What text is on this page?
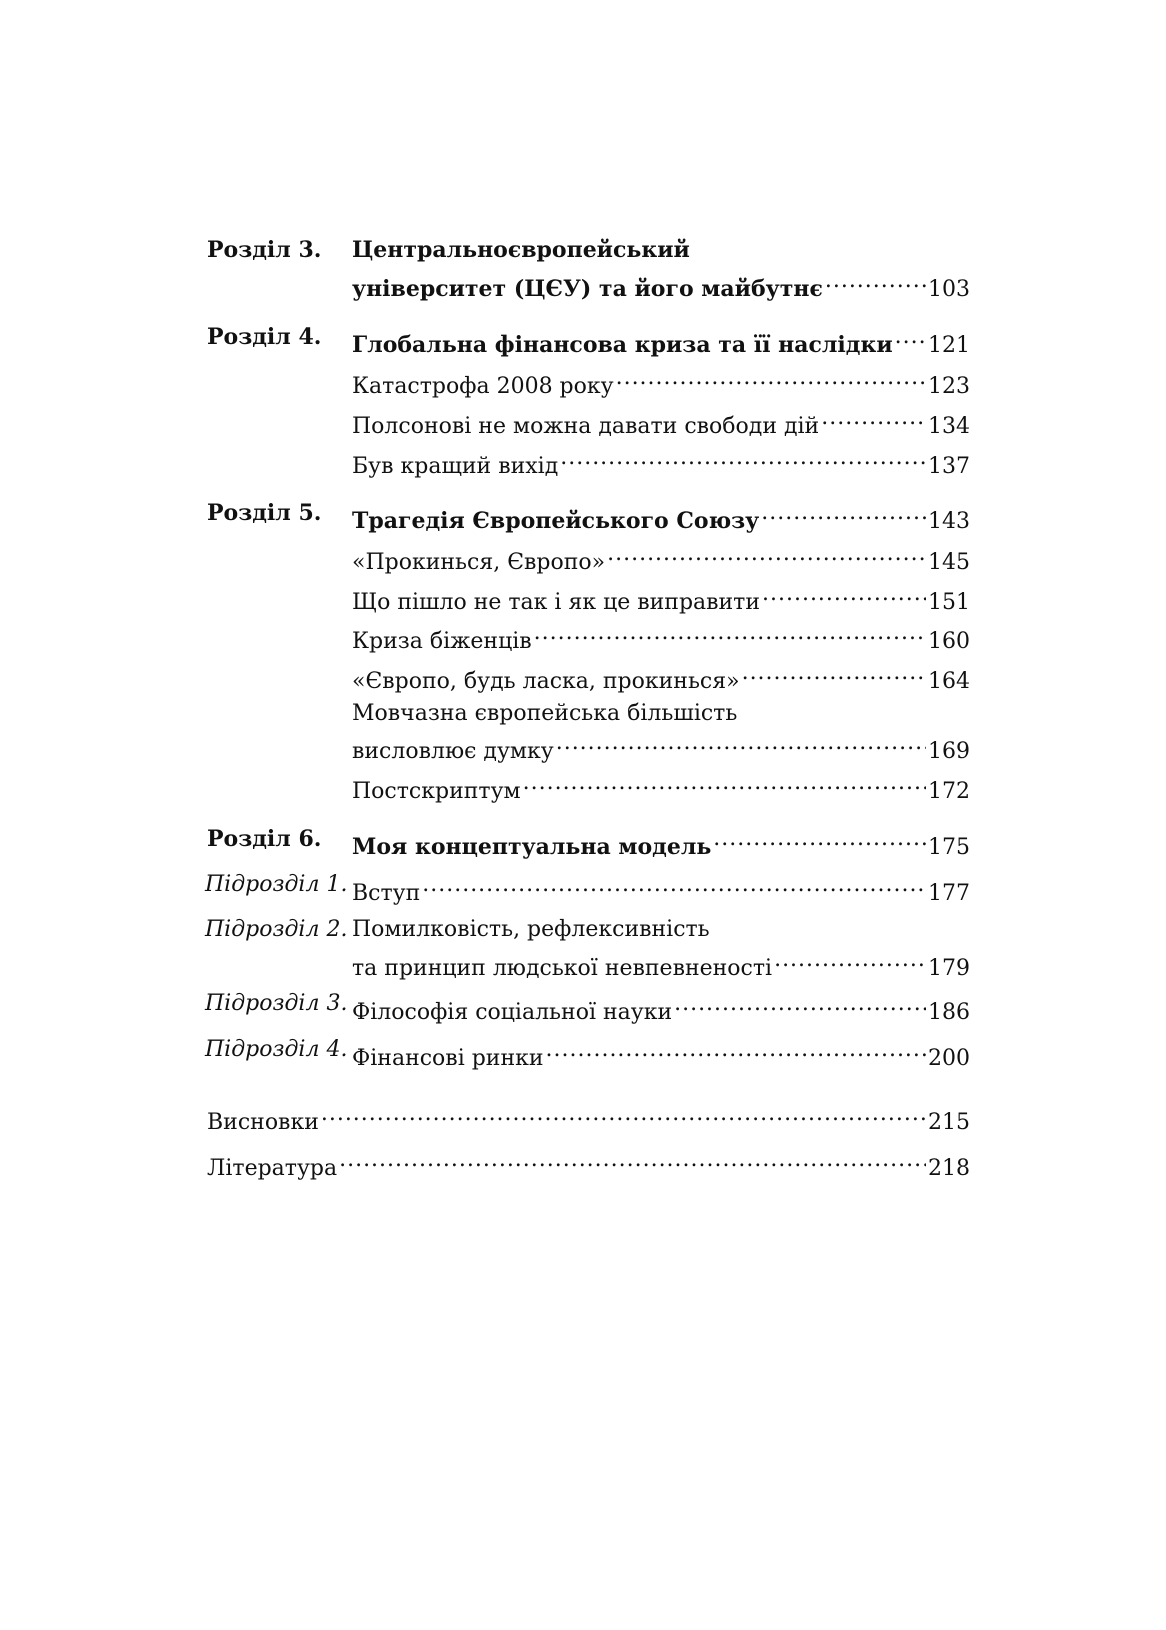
Розділ 3. Центральноєвропейський
університет (ЦЄУ) та його майбутнє . . .	103
Розділ 4. Глобальна фінансова криза та її наслідки . . . 121
Катастрофа 2008 року . . .	123
Полсонові не можна давати свободи дій . . .	134
Був кращий вихід . . .	137
Розділ 5. Трагедія Європейського Союзу . . .	143
«Прокинься, Європо» . . .	145
Що пішло не так і як це виправити . . .	151
Криза біженців . . .	160
«Європо, будь ласка, прокинься» . . .	164
Мовчазна європейська більшість
висловлює думку . . .	169
Постскриптум . . .	172
Розділ 6. Моя концептуальна модель . . .	175
Підрозділ 1. Вступ . . .	177
Підрозділ 2. Помилковість, рефлексивність
та принцип людської невпевненості . . .	179
Підрозділ 3. Філософія соціальної науки . . .	186
Підрозділ 4. Фінансові ринки . . .	200
Висновки . . .	215
Література . . .	218
